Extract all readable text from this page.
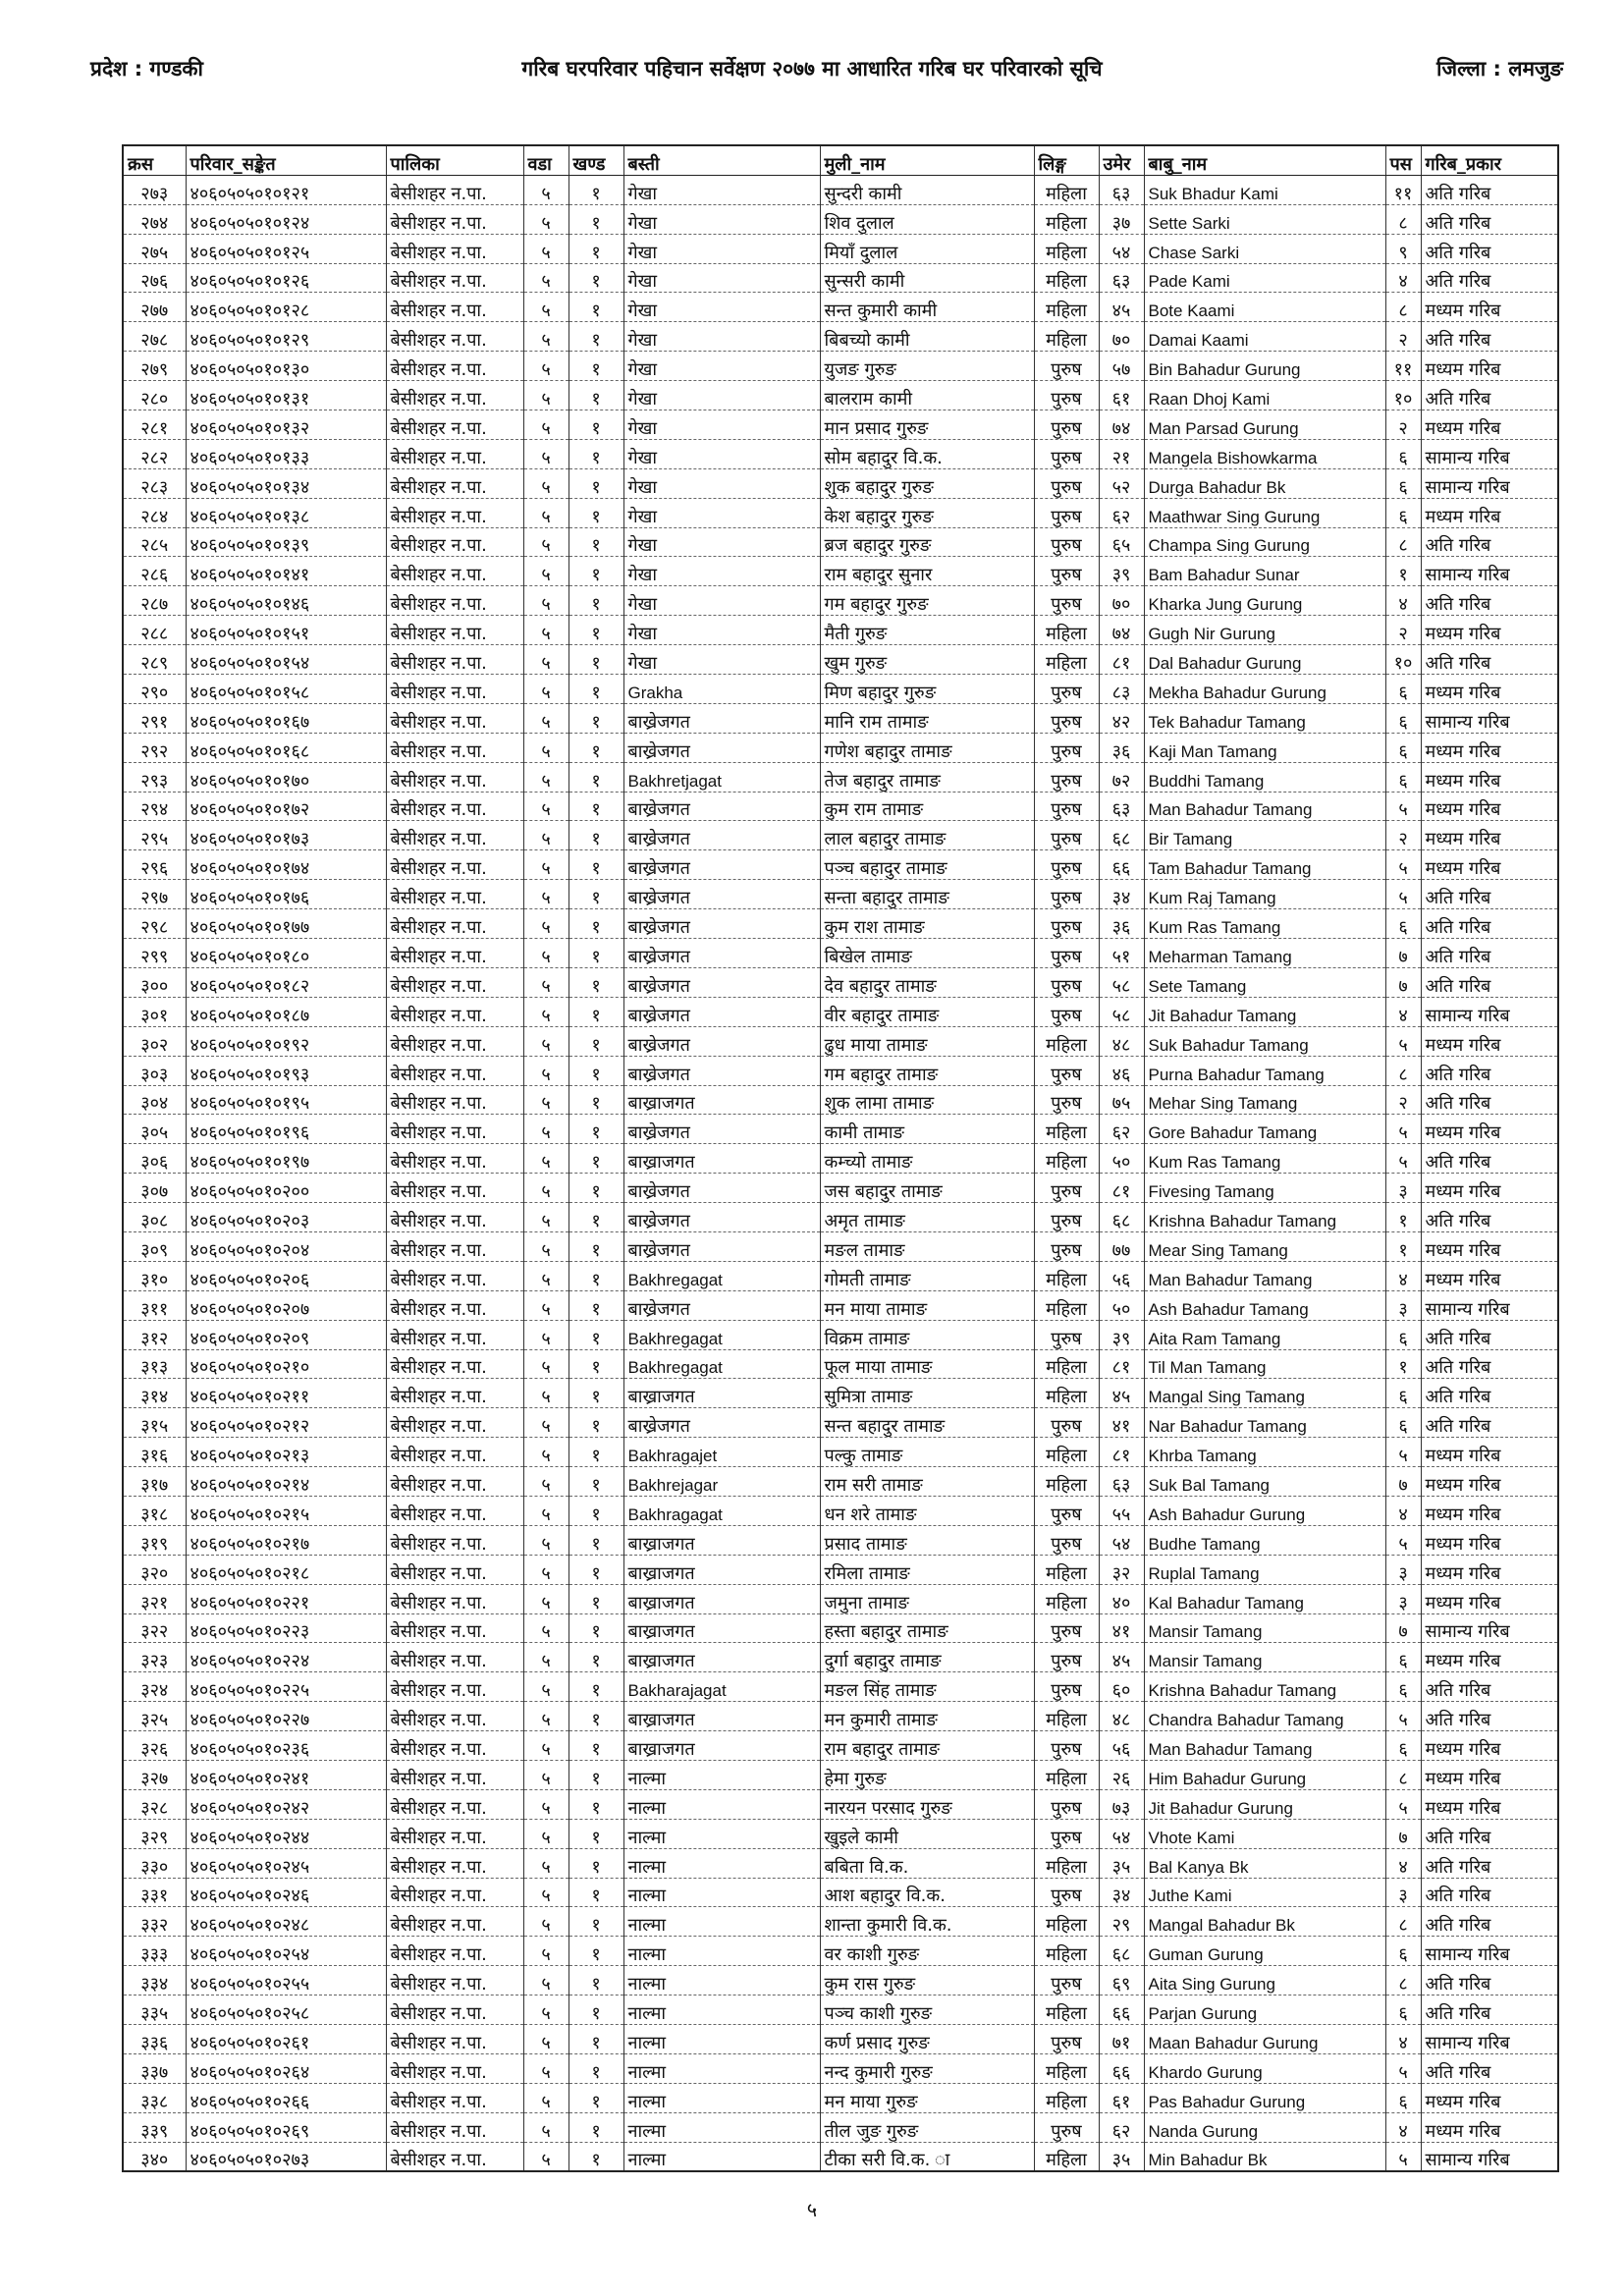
गरिब घरपरिवार पहिचान सर्वेक्षण २०७७ मा आधारित गरिब घर परिवारको सूचि
प्रदेश : गण्डकी	जिल्ला : लमजुङ
क्रस	परिवार_सङ्केत	पालिका	वडा	खण्ड	बस्ती	मुली_नाम	लिङ्ग	उमेर	बाबु_नाम	पस	गरिब_प्रकार
२७३	४०६०५०५०१०१२१	बेसीशहर न.पा.	५	१	गेखा	सुन्दरी कामी	महिला	६३	Suk Bhadur Kami	११	अति गरिब
२७४	४०६०५०५०१०१२४	बेसीशहर न.पा.	५	१	गेखा	शिव दुलाल	महिला	३७	Sette Sarki	८	अति गरिब
२७५	४०६०५०५०१०१२५	बेसीशहर न.पा.	५	१	गेखा	मियाँ दुलाल	महिला	५४	Chase Sarki	९	अति गरिब
२७६	४०६०५०५०१०१२६	बेसीशहर न.पा.	५	१	गेखा	सुन्सरी कामी	महिला	६३	Pade Kami	४	अति गरिब
२७७	४०६०५०५०१०१२८	बेसीशहर न.पा.	५	१	गेखा	सन्त कुमारी कामी	महिला	४५	Bote Kaami	८	मध्यम गरिब
२७८	४०६०५०५०१०१२९	बेसीशहर न.पा.	५	१	गेखा	बिबच्यो कामी	महिला	७०	Damai Kaami	२	अति गरिब
२७९	४०६०५०५०१०१३०	बेसीशहर न.पा.	५	१	गेखा	युजङ गुरुङ	पुरुष	५७	Bin Bahadur Gurung	११	मध्यम गरिब
२८०	४०६०५०५०१०१३१	बेसीशहर न.पा.	५	१	गेखा	बालराम कामी	पुरुष	६१	Raan Dhoj Kami	१०	अति गरिब
२८१	४०६०५०५०१०१३२	बेसीशहर न.पा.	५	१	गेखा	मान प्रसाद गुरुङ	पुरुष	७४	Man Parsad Gurung	२	मध्यम गरिब
२८२	४०६०५०५०१०१३३	बेसीशहर न.पा.	५	१	गेखा	सोम बहादुर वि.क.	पुरुष	२१	Mangela Bishowkarma	६	सामान्य गरिब
२८३	४०६०५०५०१०१३४	बेसीशहर न.पा.	५	१	गेखा	शुक बहादुर गुरुङ	पुरुष	५२	Durga Bahadur Bk	६	सामान्य गरिब
२८४	४०६०५०५०१०१३८	बेसीशहर न.पा.	५	१	गेखा	केश बहादुर गुरुङ	पुरुष	६२	Maathwar Sing Gurung	६	मध्यम गरिब
२८५	४०६०५०५०१०१३९	बेसीशहर न.पा.	५	१	गेखा	ब्रज बहादुर गुरुङ	पुरुष	६५	Champa Sing Gurung	८	अति गरिब
२८६	४०६०५०५०१०१४१	बेसीशहर न.पा.	५	१	गेखा	राम बहादुर सुनार	पुरुष	३९	Bam Bahadur Sunar	१	सामान्य गरिब
२८७	४०६०५०५०१०१४६	बेसीशहर न.पा.	५	१	गेखा	गम बहादुर गुरुङ	पुरुष	७०	Kharka Jung Gurung	४	अति गरिब
२८८	४०६०५०५०१०१५१	बेसीशहर न.पा.	५	१	गेखा	मैती गुरुङ	महिला	७४	Gugh Nir Gurung	२	मध्यम गरिब
२८९	४०६०५०५०१०१५४	बेसीशहर न.पा.	५	१	गेखा	खुम गुरुङ	महिला	८१	Dal Bahadur Gurung	१०	अति गरिब
२९०	४०६०५०५०१०१५८	बेसीशहर न.पा.	५	१	Grakha	मिण बहादुर गुरुङ	पुरुष	८३	Mekha Bahadur Gurung	६	मध्यम गरिब
२९१	४०६०५०५०१०१६७	बेसीशहर न.पा.	५	१	बाख्रेजगत	मानि राम तामाङ	पुरुष	४२	Tek Bahadur Tamang	६	सामान्य गरिब
२९२	४०६०५०५०१०१६८	बेसीशहर न.पा.	५	१	बाख्रेजगत	गणेश बहादुर तामाङ	पुरुष	३६	Kaji Man Tamang	६	मध्यम गरिब
२९३	४०६०५०५०१०१७०	बेसीशहर न.पा.	५	१	Bakhretjagat	तेज बहादुर तामाङ	पुरुष	७२	Buddhi Tamang	६	मध्यम गरिब
२९४	४०६०५०५०१०१७२	बेसीशहर न.पा.	५	१	बाख्रेजगत	कुम राम तामाङ	पुरुष	६३	Man Bahadur Tamang	५	मध्यम गरिब
२९५	४०६०५०५०१०१७३	बेसीशहर न.पा.	५	१	बाख्रेजगत	लाल बहादुर तामाङ	पुरुष	६८	Bir Tamang	२	मध्यम गरिब
२९६	४०६०५०५०१०१७४	बेसीशहर न.पा.	५	१	बाख्रेजगत	पञ्च बहादुर तामाङ	पुरुष	६६	Tam Bahadur Tamang	५	मध्यम गरिब
२९७	४०६०५०५०१०१७६	बेसीशहर न.पा.	५	१	बाख्रेजगत	सन्ता बहादुर तामाङ	पुरुष	३४	Kum Raj Tamang	५	अति गरिब
२९८	४०६०५०५०१०१७७	बेसीशहर न.पा.	५	१	बाख्रेजगत	कुम राश तामाङ	पुरुष	३६	Kum Ras Tamang	६	अति गरिब
२९९	४०६०५०५०१०१८०	बेसीशहर न.पा.	५	१	बाख्रेजगत	बिखेल तामाङ	पुरुष	५१	Meharman Tamang	७	अति गरिब
३००	४०६०५०५०१०१८२	बेसीशहर न.पा.	५	१	बाख्रेजगत	देव बहादुर तामाङ	पुरुष	५८	Sete Tamang	७	अति गरिब
३०१	४०६०५०५०१०१८७	बेसीशहर न.पा.	५	१	बाख्रेजगत	वीर बहादुर तामाङ	पुरुष	५८	Jit Bahadur Tamang	४	सामान्य गरिब
३०२	४०६०५०५०१०१९२	बेसीशहर न.पा.	५	१	बाख्रेजगत	ढुध माया तामाङ	महिला	४८	Suk Bahadur Tamang	५	मध्यम गरिब
३०३	४०६०५०५०१०१९३	बेसीशहर न.पा.	५	१	बाख्रेजगत	गम बहादुर तामाङ	पुरुष	४६	Purna Bahadur Tamang	८	अति गरिब
३०४	४०६०५०५०१०१९५	बेसीशहर न.पा.	५	१	बाख्राजगत	शुक लामा तामाङ	पुरुष	७५	Mehar Sing Tamang	२	अति गरिब
३०५	४०६०५०५०१०१९६	बेसीशहर न.पा.	५	१	बाख्रेजगत	कामी तामाङ	महिला	६२	Gore Bahadur Tamang	५	मध्यम गरिब
३०६	४०६०५०५०१०१९७	बेसीशहर न.पा.	५	१	बाख्राजगत	कम्च्यो तामाङ	महिला	५०	Kum Ras Tamang	५	अति गरिब
३०७	४०६०५०५०१०२००	बेसीशहर न.पा.	५	१	बाख्रेजगत	जस बहादुर तामाङ	पुरुष	८१	Fivesing Tamang	३	मध्यम गरिब
३०८	४०६०५०५०१०२०३	बेसीशहर न.पा.	५	१	बाख्रेजगत	अमृत तामाङ	पुरुष	६८	Krishna Bahadur Tamang	१	अति गरिब
३०९	४०६०५०५०१०२०४	बेसीशहर न.पा.	५	१	बाख्रेजगत	मङल तामाङ	पुरुष	७७	Mear Sing Tamang	१	मध्यम गरिब
३१०	४०६०५०५०१०२०६	बेसीशहर न.पा.	५	१	Bakhregagat	गोमती तामाङ	महिला	५६	Man Bahadur Tamang	४	मध्यम गरिब
३११	४०६०५०५०१०२०७	बेसीशहर न.पा.	५	१	बाख्रेजगत	मन माया तामाङ	महिला	५०	Ash Bahadur Tamang	३	सामान्य गरिब
३१२	४०६०५०५०१०२०९	बेसीशहर न.पा.	५	१	Bakhregagat	विक्रम तामाङ	पुरुष	३९	Aita Ram Tamang	६	अति गरिब
३१३	४०६०५०५०१०२१०	बेसीशहर न.पा.	५	१	Bakhregagat	फूल माया तामाङ	महिला	८१	Til Man Tamang	१	अति गरिब
३१४	४०६०५०५०१०२११	बेसीशहर न.पा.	५	१	बाख्राजगत	सुमित्रा तामाङ	महिला	४५	Mangal Sing Tamang	६	अति गरिब
३१५	४०६०५०५०१०२१२	बेसीशहर न.पा.	५	१	बाख्रेजगत	सन्त बहादुर तामाङ	पुरुष	४१	Nar Bahadur Tamang	६	अति गरिब
३१६	४०६०५०५०१०२१३	बेसीशहर न.पा.	५	१	Bakhragajet	पल्कु तामाङ	महिला	८१	Khrba Tamang	५	मध्यम गरिब
३१७	४०६०५०५०१०२१४	बेसीशहर न.पा.	५	१	Bakhrejagar	राम सरी तामाङ	महिला	६३	Suk Bal Tamang	७	मध्यम गरिब
३१८	४०६०५०५०१०२१५	बेसीशहर न.पा.	५	१	Bakhragagat	धन शरे तामाङ	पुरुष	५५	Ash Bahadur Gurung	४	मध्यम गरिब
३१९	४०६०५०५०१०२१७	बेसीशहर न.पा.	५	१	बाख्राजगत	प्रसाद तामाङ	पुरुष	५४	Budhe Tamang	५	मध्यम गरिब
३२०	४०६०५०५०१०२१८	बेसीशहर न.पा.	५	१	बाख्राजगत	रमिला तामाङ	महिला	३२	Ruplal Tamang	३	मध्यम गरिब
३२१	४०६०५०५०१०२२१	बेसीशहर न.पा.	५	१	बाख्राजगत	जमुना तामाङ	महिला	४०	Kal Bahadur Tamang	३	मध्यम गरिब
३२२	४०६०५०५०१०२२३	बेसीशहर न.पा.	५	१	बाख्राजगत	हस्ता बहादुर तामाङ	पुरुष	४१	Mansir Tamang	७	सामान्य गरिब
३२३	४०६०५०५०१०२२४	बेसीशहर न.पा.	५	१	बाख्राजगत	दुर्गा बहादुर तामाङ	पुरुष	४५	Mansir Tamang	६	मध्यम गरिब
३२४	४०६०५०५०१०२२५	बेसीशहर न.पा.	५	१	Bakharajagat	मङल सिंह तामाङ	पुरुष	६०	Krishna Bahadur Tamang	६	अति गरिब
३२५	४०६०५०५०१०२२७	बेसीशहर न.पा.	५	१	बाख्राजगत	मन कुमारी तामाङ	महिला	४८	Chandra Bahadur Tamang	५	अति गरिब
३२६	४०६०५०५०१०२३६	बेसीशहर न.पा.	५	१	बाख्राजगत	राम बहादुर तामाङ	पुरुष	५६	Man Bahadur Tamang	६	मध्यम गरिब
३२७	४०६०५०५०१०२४१	बेसीशहर न.पा.	५	१	नाल्मा	हेमा गुरुङ	महिला	२६	Him Bahadur Gurung	८	मध्यम गरिब
३२८	४०६०५०५०१०२४२	बेसीशहर न.पा.	५	१	नाल्मा	नारयन परसाद गुरुङ	पुरुष	७३	Jit Bahadur Gurung	५	मध्यम गरिब
३२९	४०६०५०५०१०२४४	बेसीशहर न.पा.	५	१	नाल्मा	खुइले कामी	पुरुष	५४	Vhote Kami	७	अति गरिब
३३०	४०६०५०५०१०२४५	बेसीशहर न.पा.	५	१	नाल्मा	बबिता वि.क.	महिला	३५	Bal Kanya Bk	४	अति गरिब
३३१	४०६०५०५०१०२४६	बेसीशहर न.पा.	५	१	नाल्मा	आश बहादुर वि.क.	पुरुष	३४	Juthe Kami	३	अति गरिब
३३२	४०६०५०५०१०२४८	बेसीशहर न.पा.	५	१	नाल्मा	शान्ता कुमारी वि.क.	महिला	२९	Mangal Bahadur Bk	८	अति गरिब
३३३	४०६०५०५०१०२५४	बेसीशहर न.पा.	५	१	नाल्मा	वर काशी गुरुङ	महिला	६८	Guman Gurung	६	सामान्य गरिब
३३४	४०६०५०५०१०२५५	बेसीशहर न.पा.	५	१	नाल्मा	कुम रास गुरुङ	पुरुष	६९	Aita Sing Gurung	८	अति गरिब
३३५	४०६०५०५०१०२५८	बेसीशहर न.पा.	५	१	नाल्मा	पञ्च काशी गुरुङ	महिला	६६	Parjan Gurung	६	अति गरिब
३३६	४०६०५०५०१०२६१	बेसीशहर न.पा.	५	१	नाल्मा	कर्ण प्रसाद गुरुङ	पुरुष	७१	Maan Bahadur Gurung	४	सामान्य गरिब
३३७	४०६०५०५०१०२६४	बेसीशहर न.पा.	५	१	नाल्मा	नन्द कुमारी गुरुङ	महिला	६६	Khardo Gurung	५	अति गरिब
३३८	४०६०५०५०१०२६६	बेसीशहर न.पा.	५	१	नाल्मा	मन माया गुरुङ	महिला	६१	Pas Bahadur Gurung	६	मध्यम गरिब
३३९	४०६०५०५०१०२६९	बेसीशहर न.पा.	५	१	नाल्मा	तील जुङ गुरुङ	पुरुष	६२	Nanda Gurung	४	मध्यम गरिब
३४०	४०६०५०५०१०२७३	बेसीशहर न.पा.	५	१	नाल्मा	टीका सरी वि.क. ा	महिला	३५	Min Bahadur Bk	५	सामान्य गरिब
५
